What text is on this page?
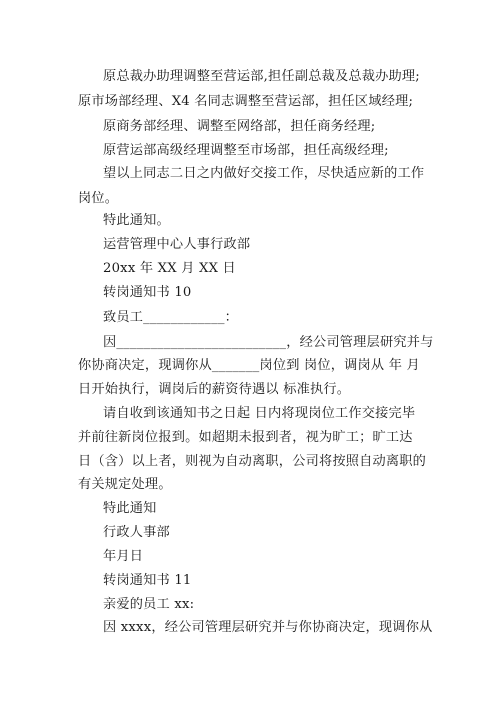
原总裁办助理调整至营运部,担任副总裁及总裁办助理;
原市场部经理、X4 名同志调整至营运部，担任区域经理;
原商务部经理、调整至网络部，担任商务经理;
原营运部高级经理调整至市场部，担任高级经理;
望以上同志二日之内做好交接工作，尽快适应新的工作
岗位。
特此通知。
运营管理中心人事行政部
20xx 年 XX 月 XX 日
转岗通知书 10
致员工____________：
因_________________________，经公司管理层研究并与
你协商决定，现调你从_______岗位到 岗位，调岗从 年 月
日开始执行，调岗后的薪资待遇以 标准执行。
请自收到该通知书之日起 日内将现岗位工作交接完毕
并前往新岗位报到。如超期未报到者，视为旷工；旷工达
日（含）以上者，则视为自动离职，公司将按照自动离职的
有关规定处理。
特此通知
行政人事部
年月日
转岗通知书 11
亲爱的员工 xx:
因 xxxx，经公司管理层研究并与你协商决定，现调你从
